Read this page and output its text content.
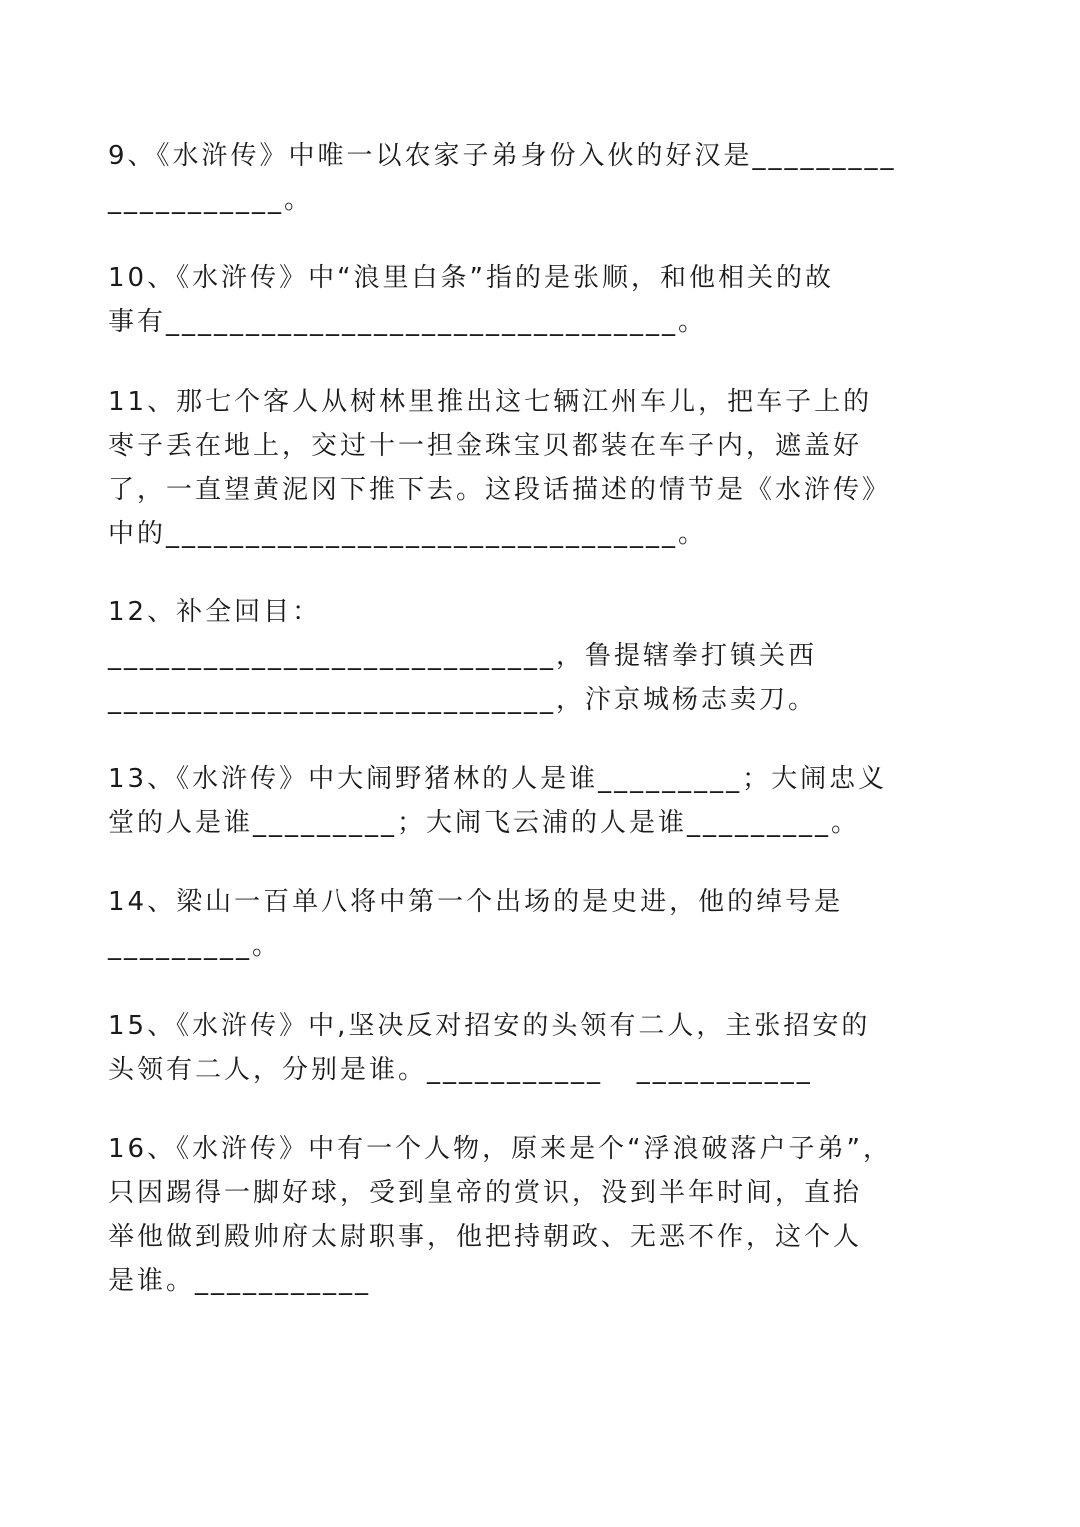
9、《水浒传》中唯一以农家子弟身份入伙的好汉是_________
___________。
10、《水浒传》中“浪里白条”指的是张顺，和他相关的故
事有________________________________。
11、那七个客人从树林里推出这七辆江州车儿，把车子上的
枣子丢在地上，交过十一担金珠宝贝都装在车子内，遮盖好
了，一直望黄泥冈下推下去。这段话描述的情节是《水浒传》
中的________________________________。
12、补全回目：
____________________________，鲁提辖拳打镇关西
____________________________，汴京城杨志卖刀。
13、《水浒传》中大闹野猪林的人是谁_________；大闹忠义
堂的人是谁_________；大闹飞云浦的人是谁_________。
14、梁山一百单八将中第一个出场的是史进，他的绰号是
_________。
15、《水浒传》中,坚决反对招安的头领有二人，主张招安的
头领有二人，分别是谁。___________   ___________
16、《水浒传》中有一个人物，原来是个“浮浪破落户子弟”，
只因踢得一脚好球，受到皇帝的赏识，没到半年时间，直抬
举他做到殿帅府太尉职事，他把持朝政、无恶不作，这个人
是谁。___________
